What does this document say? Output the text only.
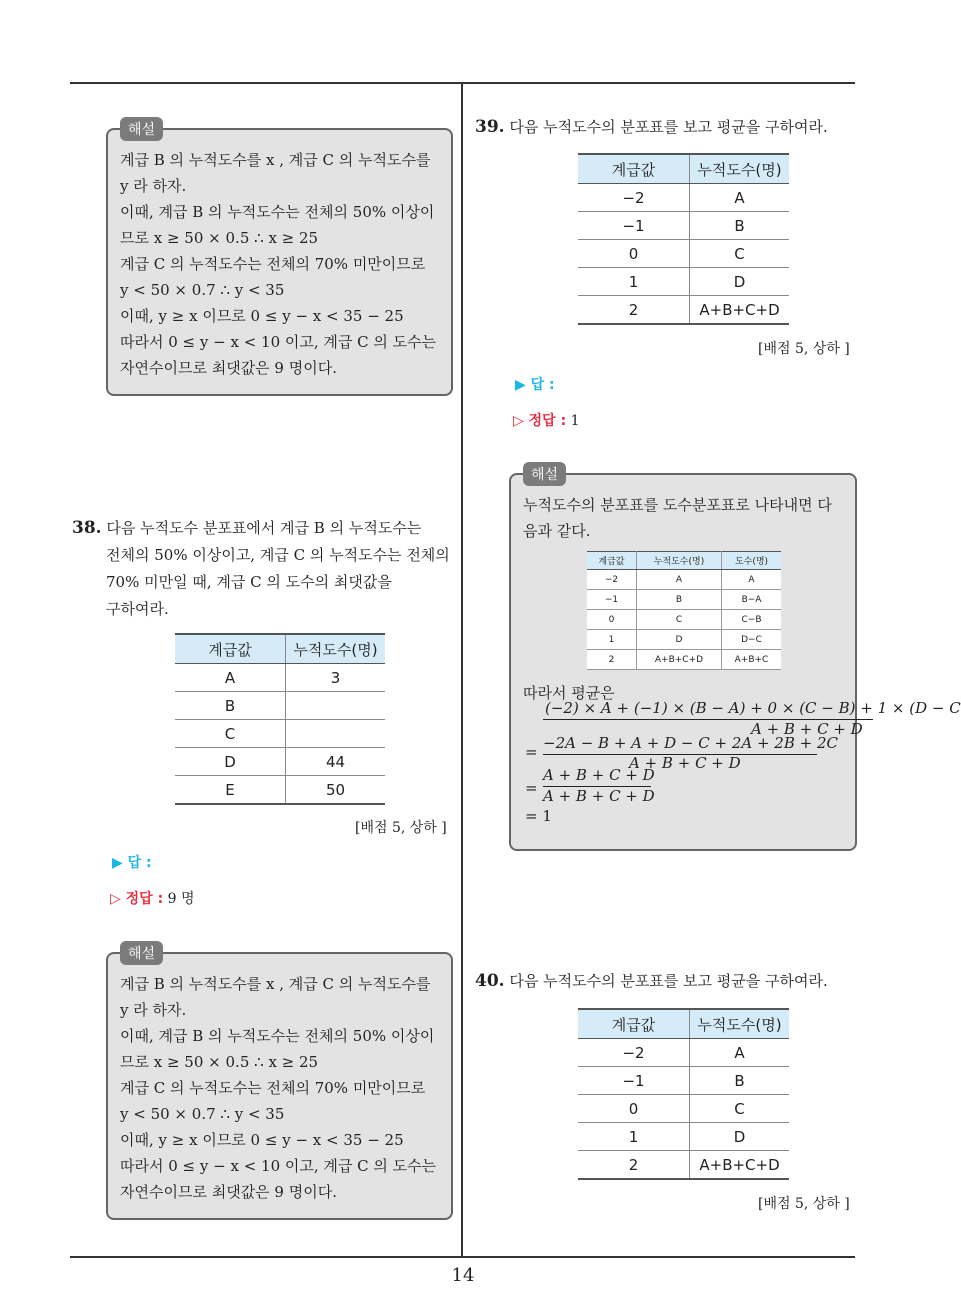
계급 B 의 누적도수를 x , 계급 C 의 누적도수를

y 라 하자.

이때, 계급 B 의 누적도수는 전체의 50% 이상이

므로 x ≥ 50 × 0.5 ∴ x ≥ 25

계급 C 의 누적도수는 전체의 70% 미만이므로

y < 50 × 0.7 ∴ y < 35

이때, y ≥ x 이므로 0 ≤ y − x < 35 − 25

따라서 0 ≤ y − x < 10 이고, 계급 C 의 도수는

자연수이므로 최댓값은 9 명이다.

해설
38. 다음 누적도수 분포표에서 계급 B 의 누적도수는
전체의 50% 이상이고, 계급 C 의 누적도수는 전체의
70% 미만일 때, 계급 C 의 도수의 최댓값을
구하여라.
계급값	누적도수(명)
A	3
B	
C	
D	44
E	50
[배점 5, 상하 ]
▶ 답 :
▷ 정답 : 9 명

계급 B 의 누적도수를 x , 계급 C 의 누적도수를

y 라 하자.

이때, 계급 B 의 누적도수는 전체의 50% 이상이

므로 x ≥ 50 × 0.5 ∴ x ≥ 25

계급 C 의 누적도수는 전체의 70% 미만이므로

y < 50 × 0.7 ∴ y < 35

이때, y ≥ x 이므로 0 ≤ y − x < 35 − 25

따라서 0 ≤ y − x < 10 이고, 계급 C 의 도수는

자연수이므로 최댓값은 9 명이다.

해설
39. 다음 누적도수의 분포표를 보고 평균을 구하여라.
계급값	누적도수(명)
−2	A
−1	B
0	C
1	D
2	A+B+C+D
[배점 5, 상하 ]
▶ 답 :
▷ 정답 : 1

누적도수의 분포표를 도수분포표로 나타내면 다

음과 같다.

계급값	누적도수(명)	도수(명)
−2	A	A
−1	B	B−A
0	C	C−B
1	D	D−C
2	A+B+C+D	A+B+C
따라서 평균은
(−2) × A + (−1) × (B − A) + 0 × (C − B) + 1 × (D − C
A + B + C + D
= −2A − B + A + D − C + 2A + 2B + 2C
A + B + C + D
=
A + B + C + D
A + B + C + D
= 1
해설
40. 다음 누적도수의 분포표를 보고 평균을 구하여라.
계급값	누적도수(명)
−2	A
−1	B
0	C
1	D
2	A+B+C+D
[배점 5, 상하 ]
14
